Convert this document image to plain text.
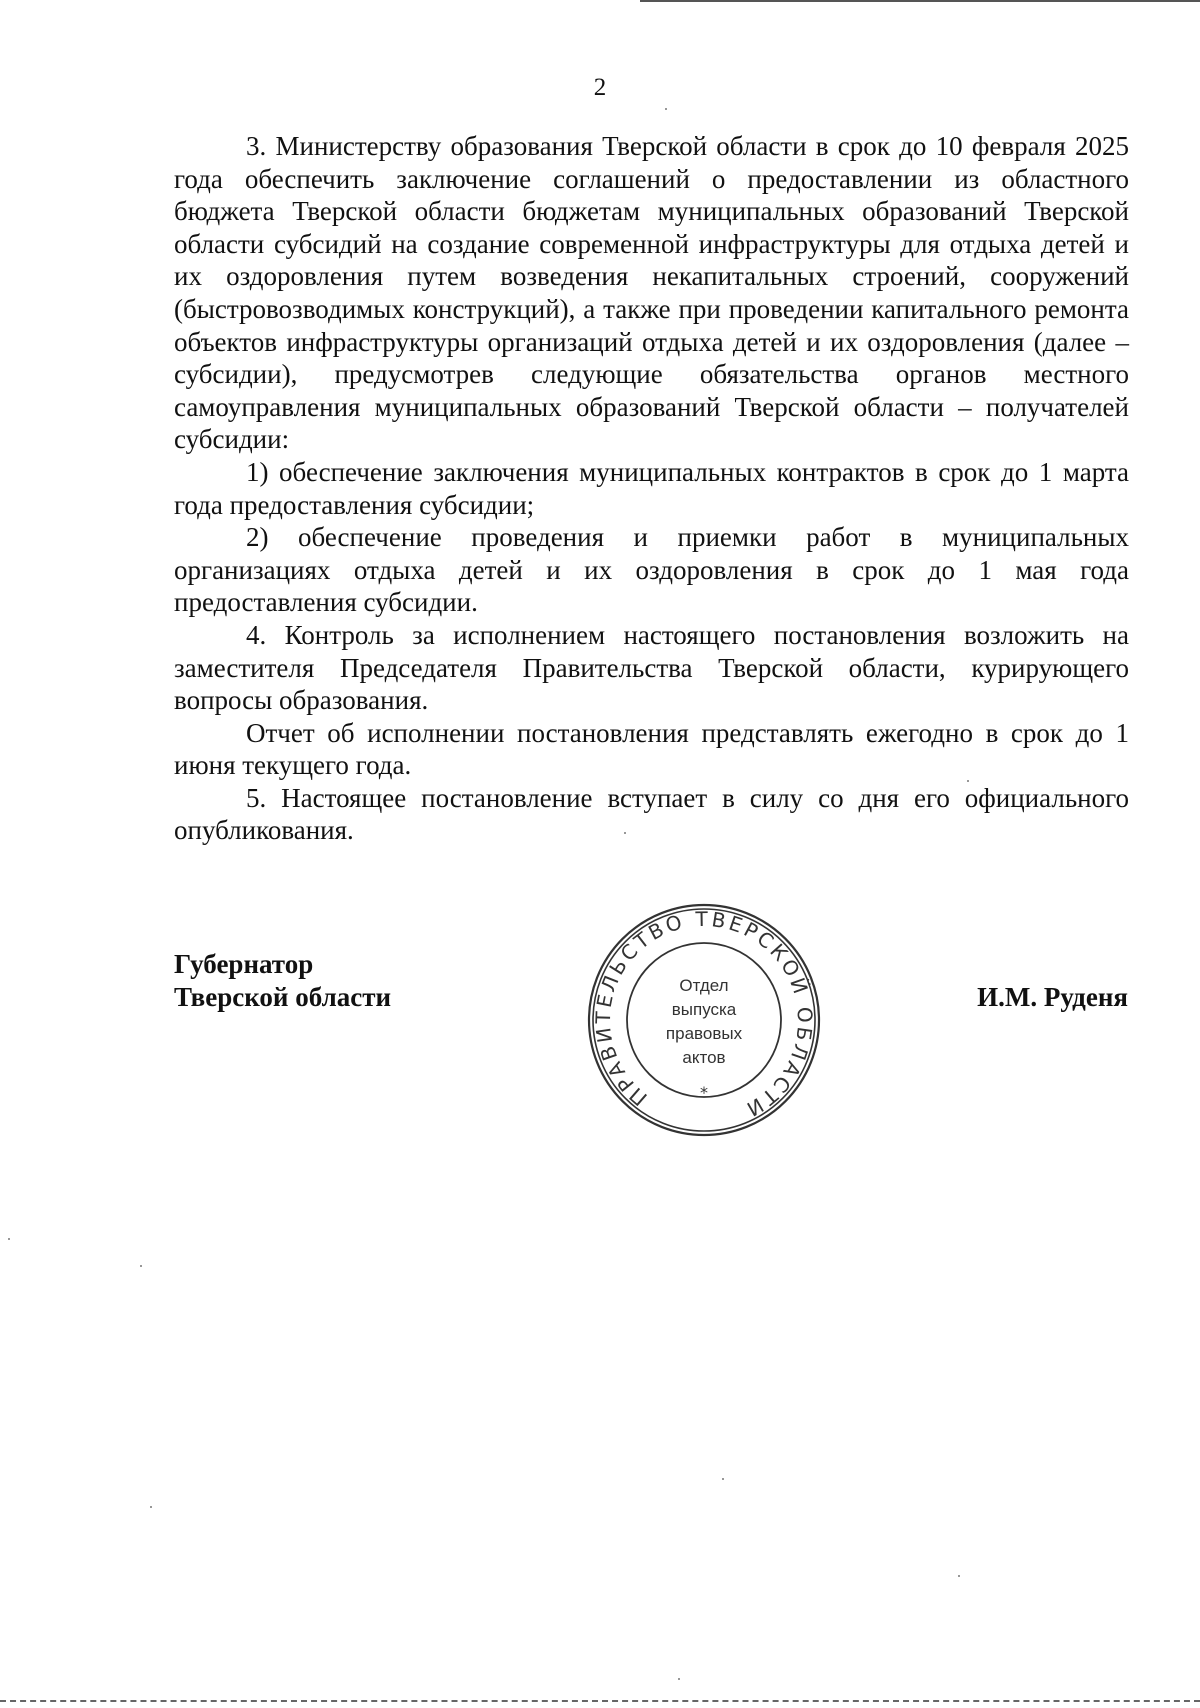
2

3. Министерству образования Тверской области в срок до 10 февраля 2025 года обеспечить заключение соглашений о предоставлении из областного бюджета Тверской области бюджетам муниципальных образований Тверской области субсидий на создание современной инфраструктуры для отдыха детей и их оздоровления путем возведения некапитальных строений, сооружений (быстровозводимых конструкций), а также при проведении капитального ремонта объектов инфраструктуры организаций отдыха детей и их оздоровления (далее – субсидии), предусмотрев следующие обязательства органов местного самоуправления муниципальных образований Тверской области – получателей субсидии:

1) обеспечение заключения муниципальных контрактов в срок до 1 марта года предоставления субсидии;

2) обеспечение проведения и приемки работ в муниципальных организациях отдыха детей и их оздоровления в срок до 1 мая года предоставления субсидии.

4. Контроль за исполнением настоящего постановления возложить на заместителя Председателя Правительства Тверской области, курирующего вопросы образования.

Отчет об исполнении постановления представлять ежегодно в срок до 1 июня текущего года.

5. Настоящее постановление вступает в силу со дня его официального опубликования.

Губернатор
Тверской области
ПРАВИТЕЛЬСТВО ТВЕРСКОЙ ОБЛАСТИ
*
Отдел
выпуска
правовых
актов
И.М. Руденя
